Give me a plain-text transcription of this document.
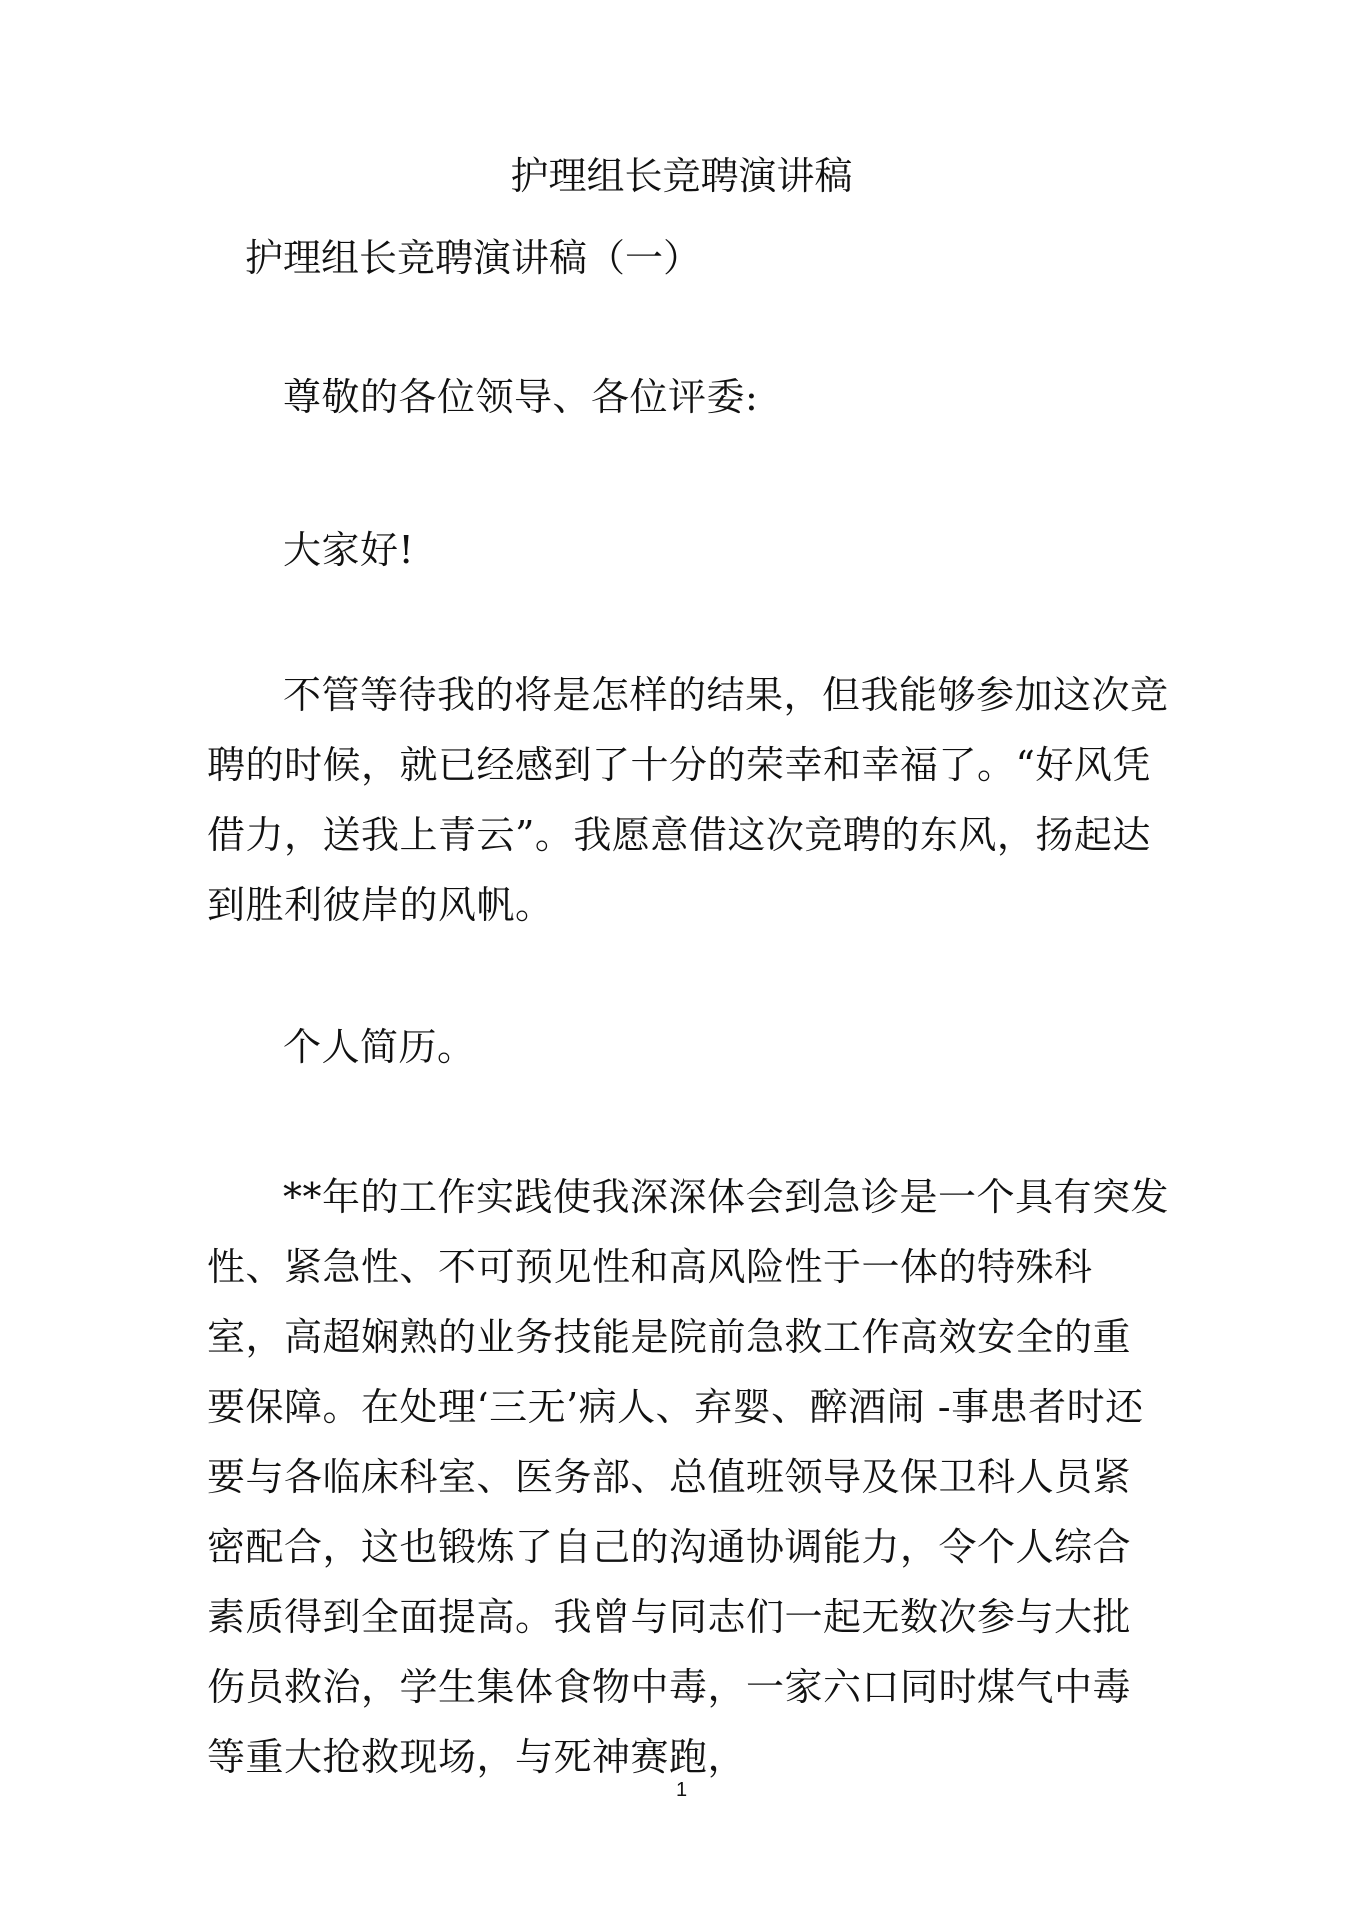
护理组长竞聘演讲稿
护理组长竞聘演讲稿（一）

尊敬的各位领导、各位评委:

大家好!

不管等待我的将是怎样的结果，但我能够参加这次竞聘的时候，就已经感到了十分的荣幸和幸福了。“好风凭借力，送我上青云”。我愿意借这次竞聘的东风，扬起达到胜利彼岸的风帆。

个人简历。

**年的工作实践使我深深体会到急诊是一个具有突发性、紧急性、不可预见性和高风险性于一体的特殊科室，高超娴熟的业务技能是院前急救工作高效安全的重要保障。在处理‘三无’病人、弃婴、醉酒闹 -事患者时还要与各临床科室、医务部、总值班领导及保卫科人员紧密配合，这也锻炼了自己的沟通协调能力，令个人综合素质得到全面提高。我曾与同志们一起无数次参与大批伤员救治，学生集体食物中毒，一家六口同时煤气中毒等重大抢救现场，与死神赛跑，

1
